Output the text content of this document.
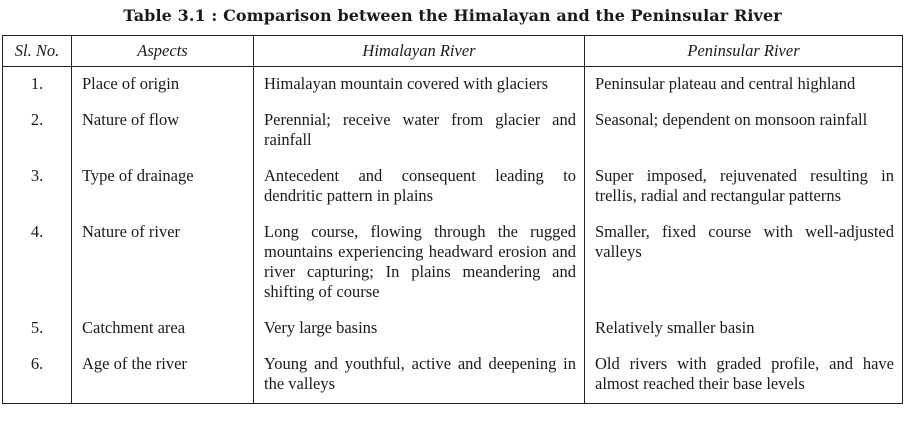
Table 3.1 : Comparison between the Himalayan and the Peninsular River
Sl. No.	Aspects	Himalayan River	Peninsular River
1.	Place of origin	Himalayan mountain covered with glaciers	Peninsular plateau and central highland
2.	Nature of flow	Perennial; receive water from glacier and rainfall	Seasonal; dependent on monsoon rainfall
3.	Type of drainage	Antecedent and consequent leading to dendritic pattern in plains	Super imposed, rejuvenated resulting in trellis, radial and rectangular patterns
4.	Nature of river	Long course, flowing through the rugged mountains experiencing headward erosion and river capturing; In plains meandering and shifting of course	Smaller, fixed course with well-adjusted valleys
5.	Catchment area	Very large basins	Relatively smaller basin
6.	Age of the river	Young and youthful, active and deepening in the valleys	Old rivers with graded profile, and have almost reached their base levels
